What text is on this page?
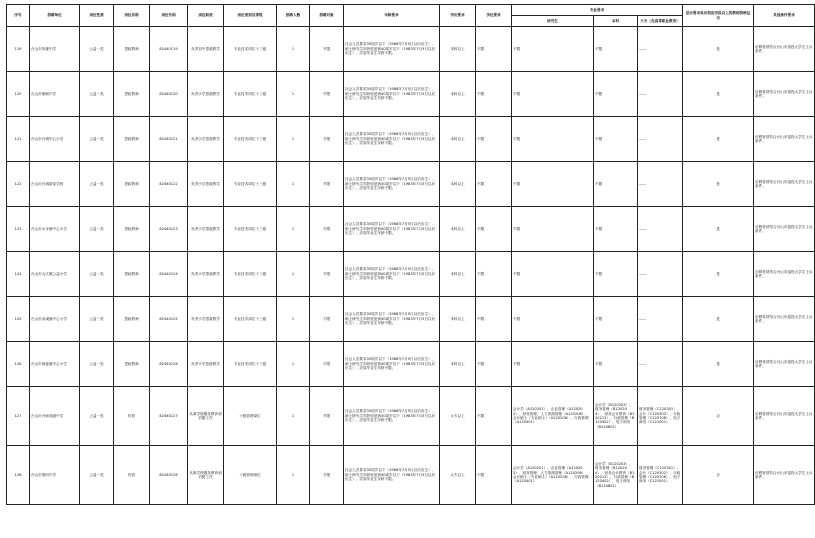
序号	招聘单位	岗位性质	岗位名称	岗位代码	岗位职责	岗位类别及等级	招聘人数	招聘对象	年龄要求	学历要求	学位要求	专业要求			是否要求具有相应学段以上的教师资格证书	其他条件要求
												研究生	本科	大专（含高等职业教育）		
119	台山市冲蒌中学	公益一类	思政教师	82440119	负责初中思政教学	专业技术岗位十三级	1	不限	社会人员要求35周岁以下（1988年7月5日以后出生），硕士研究生年龄放宽到40周岁以下（1983年7月5日以后出生），应届毕业生年龄不限。	本科以上	不限	不限	不限	——	是	应聘者须符合台山市退役大学生士兵条件。
120	台山市都斛中学	公益一类	思政教师	82440120	负责小学思政教学	专业技术岗位十三级	1	不限	社会人员要求35周岁以下（1988年7月5日以后出生），硕士研究生年龄放宽到40周岁以下（1983年7月5日以后出生），应届毕业生年龄不限。	本科以上	不限	不限	不限	——	是	应聘者须符合台山市退役大学生士兵条件。
121	台山市台城中心小学	公益一类	思政教师	82440121	负责小学思政教学	专业技术岗位十三级	1	不限	社会人员要求35周岁以下（1988年7月5日以后出生），硕士研究生年龄放宽到40周岁以下（1983年7月5日以后出生），应届毕业生年龄不限。	本科以上	不限	不限	不限	——	是	应聘者须符合台山市退役大学生士兵条件。
122	台山市台城新星学校	公益一类	思政教师	82440122	负责小学思政教学	专业技术岗位十三级	1	不限	社会人员要求35周岁以下（1988年7月5日以后出生），硕士研究生年龄放宽到40周岁以下（1983年7月5日以后出生），应届毕业生年龄不限。	本科以上	不限	不限	不限	——	是	应聘者须符合台山市退役大学生士兵条件。
123	台山市水步镇中心小学	公益一类	思政教师	82440123	负责小学思政教学	专业技术岗位十三级	1	不限	社会人员要求35周岁以下（1988年7月5日以后出生），硕士研究生年龄放宽到40周岁以下（1983年7月5日以后出生），应届毕业生年龄不限。	本科以上	不限	不限	不限	——	是	应聘者须符合台山市退役大学生士兵条件。
124	台山市大江镇公益小学	公益一类	思政教师	82440124	负责小学思政教学	专业技术岗位十三级	1	不限	社会人员要求35周岁以下（1988年7月5日以后出生），硕士研究生年龄放宽到40周岁以下（1983年7月5日以后出生），应届毕业生年龄不限。	本科以上	不限	不限	不限	——	是	应聘者须符合台山市退役大学生士兵条件。
125	台山市赤溪镇中心小学	公益一类	思政教师	82440125	负责小学思政教学	专业技术岗位十三级	1	不限	社会人员要求35周岁以下（1988年7月5日以后出生），硕士研究生年龄放宽到40周岁以下（1983年7月5日以后出生），应届毕业生年龄不限。	本科以上	不限	不限	不限	——	是	应聘者须符合台山市退役大学生士兵条件。
126	台山市海宴镇中心小学	公益一类	思政教师	82440126	负责小学思政教学	专业技术岗位十三级	1	不限	社会人员要求35周岁以下（1988年7月5日以后出生），硕士研究生年龄放宽到40周岁以下（1983年7月5日以后出生），应届毕业生年龄不限。	本科以上	不限	不限	不限	——	是	应聘者须符合台山市退役大学生士兵条件。
127	台山市台师高级中学	公益一类	综管	82440127	从事学校服务教育和后勤工作	十级管理岗位	1	不限	社会人员要求35周岁以下（1988年7月5日以后出生），硕士研究生年龄放宽到40周岁以下（1983年7月5日以后出生），应届毕业生年龄不限。	大专以上	不限	会计学（A120201），企业管理（A120202），财务管理，人力资源管理（A120206），会计硕士（专业硕士）（A120206），行政管理（A120401）	会计学（B120203），财务管理（B120204），财务会计教育（B120213），行政管理（B120402），电子商务（B120801）	财务管理（C120301），会计（C120302），行政管理（C120706），电子商务（C121001）	否	应聘者须符合台山市退役大学生士兵条件。
128	台山市第四中学	公益一类	综管	82440128	从事学校服务教育和后勤工作	十级管理岗位	1	不限	社会人员要求35周岁以下（1988年7月5日以后出生），硕士研究生年龄放宽到40周岁以下（1983年7月5日以后出生），应届毕业生年龄不限。	大专以上	不限	会计学（A120201），企业管理（A120202），财务管理，人力资源管理（A120206），会计硕士（专业硕士）（A120206），行政管理（A120401）	会计学（B120203），财务管理（B120204），财务会计教育（B120213），行政管理（B120402），电子商务（B120801）	财务管理（C120301），会计（C120302），行政管理（C120706），电子商务（C121001）	否	应聘者须符合台山市退役大学生士兵条件。
